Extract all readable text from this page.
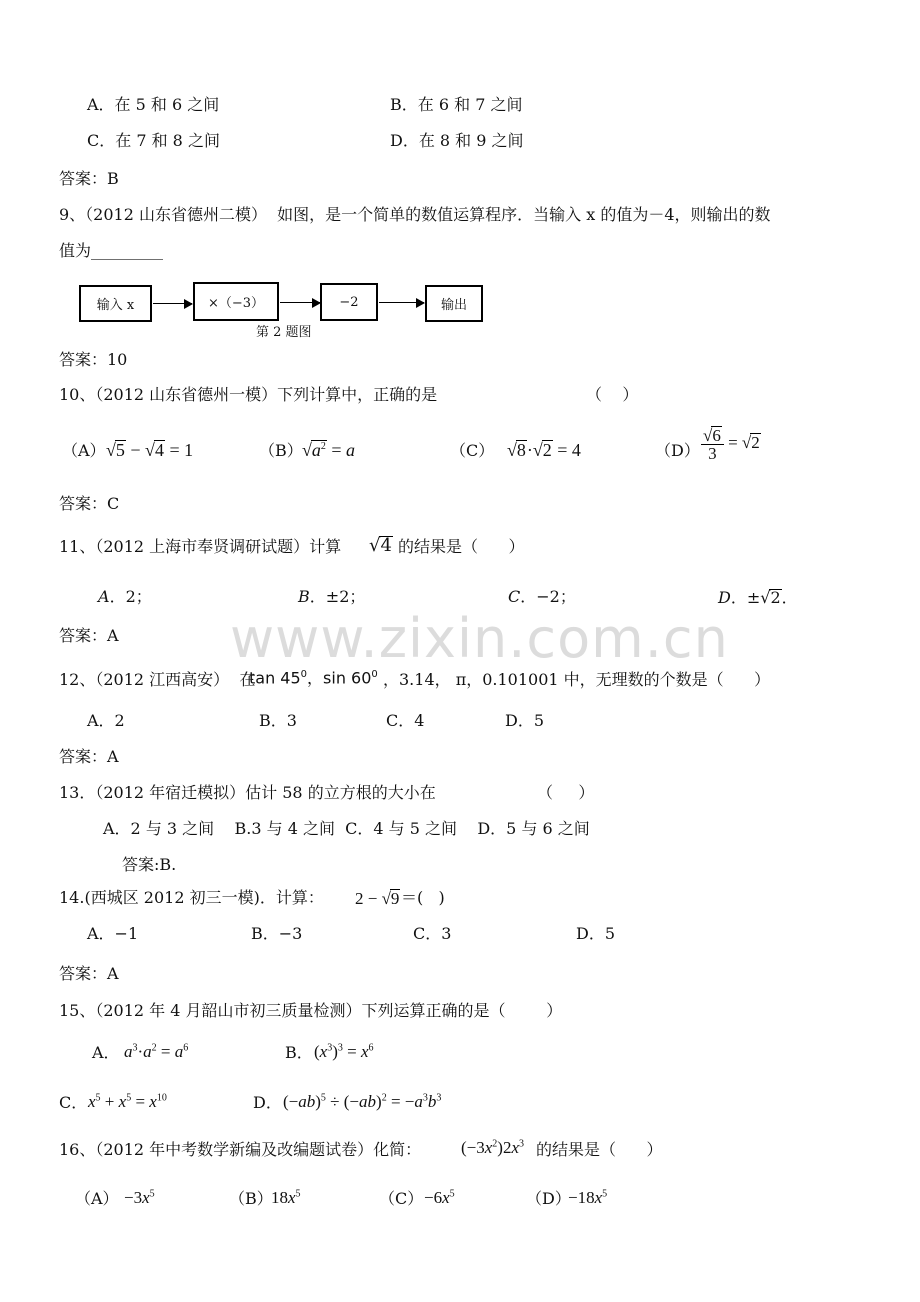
www.zixin.com.cn
A．在 5 和 6 之间	B．在 6 和 7 之间
C．在 7 和 8 之间	D．在 8 和 9 之间
答案：B
9、（2012 山东省德州二模）  如图，是一个简单的数值运算程序．当输入 x 的值为－4，则输出的数
值为_________
输入 x	×（−3）	−2	输出
第 2 题图
答案：10
10、（2012 山东省德州一模）下列计算中，正确的是	（    ）
（A） √5 − √4 = 1	（B） $√a^2 = a$	（C） √8·√2 = 4	$(D) \frac{√6}{3} = √2$
答案：C
11、（2012 上海市奉贤调研试题）计算 √4 的结果是（      ）
A．2；	B．±2；	C．−2；	D．±√2．
答案：A
12、（2012 江西高安）  在
$\tan 45^0$，$\sin 60^0$ ，3.14， π，0.101001 中，无理数的个数是（      ）
A．2	B．3	C．4	D．5
答案：A
13．（2012 年宿迁模拟）估计 58 的立方根的大小在	（     ）
A．2 与 3 之间    B.3 与 4 之间  C．4 与 5 之间    D．5 与 6 之间
答案:B.
14.(西城区 2012 初三一模)．计算： 2 − √9 ＝(   )
A．−1	B．−3	C．3	D．5
答案：A
15、（2012 年 4 月韶山市初三质量检测）下列运算正确的是（        ）
A． $a^3\cdot a^2 = a^6$	B． $(x^3)^3 = x^6$
C． $x^5 + x^5 = x^{10}$	D． $(-ab)^5 \div (-ab)^2 = -a^3b^3$
16、（2012 年中考数学新编及改编题试卷）化简： $(-3x^2)2x^3$ 的结果是（      ）
$(A) -3x^5$	（B）
$18x^5$	$(C) -6x^5$	（D）
$-18x^5$
